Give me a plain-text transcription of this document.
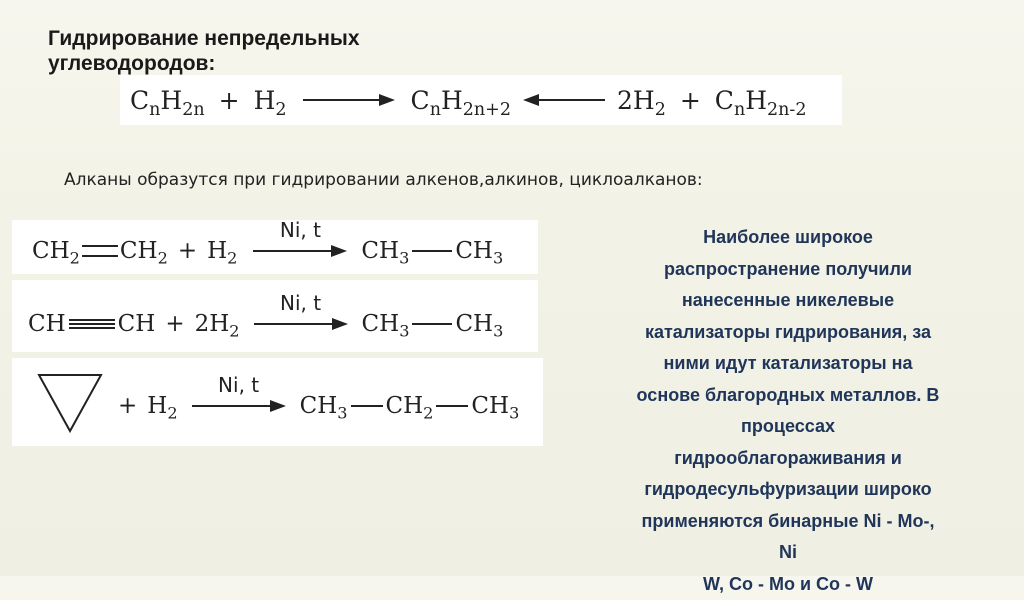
Гидрирование непредельных
углеводородов:
$C_nH_{2n} + H_2$	$C_nH_{2n+2}$	$2H_2 + C_nH_{2n-2}$

Алканы образутся при гидрировании алкенов,алкинов, циклоалканов:

$CH_2$ $CH_2 + H_2$
Ni, t
$CH_3$ $CH_3$
CH CH + $2H_2$
Ni, t
$CH_3$ $CH_3$
+ $H_2$
Ni, t
$CH_3$ $CH_2$ $CH_3$
Наиболее широкое
распространение получили
нанесенные никелевые
катализаторы гидрирования, за
ними идут катализаторы на
основе благородных металлов. В
процессах
гидрооблагораживания и
гидродесульфуризации широко
применяются бинарные Ni - Mo-,
Ni
W, Co - Mo и Co - W
